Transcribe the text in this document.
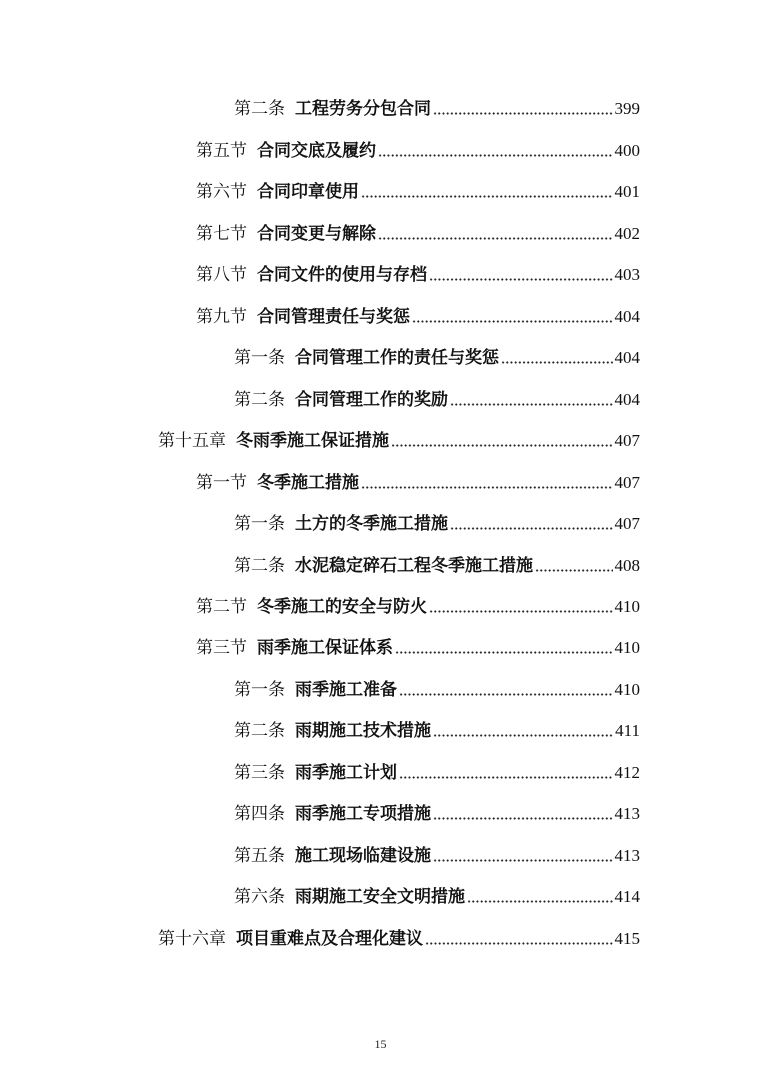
第二条 工程劳务分包合同	399
第五节 合同交底及履约	400
第六节 合同印章使用	401
第七节 合同变更与解除	402
第八节 合同文件的使用与存档	403
第九节 合同管理责任与奖惩	404
第一条 合同管理工作的责任与奖惩	404
第二条 合同管理工作的奖励	404
第十五章 冬雨季施工保证措施	407
第一节 冬季施工措施	407
第一条 土方的冬季施工措施	407
第二条 水泥稳定碎石工程冬季施工措施	408
第二节 冬季施工的安全与防火	410
第三节 雨季施工保证体系	410
第一条 雨季施工准备	410
第二条 雨期施工技术措施	411
第三条 雨季施工计划	412
第四条 雨季施工专项措施	413
第五条 施工现场临建设施	413
第六条 雨期施工安全文明措施	414
第十六章 项目重难点及合理化建议	415
15
